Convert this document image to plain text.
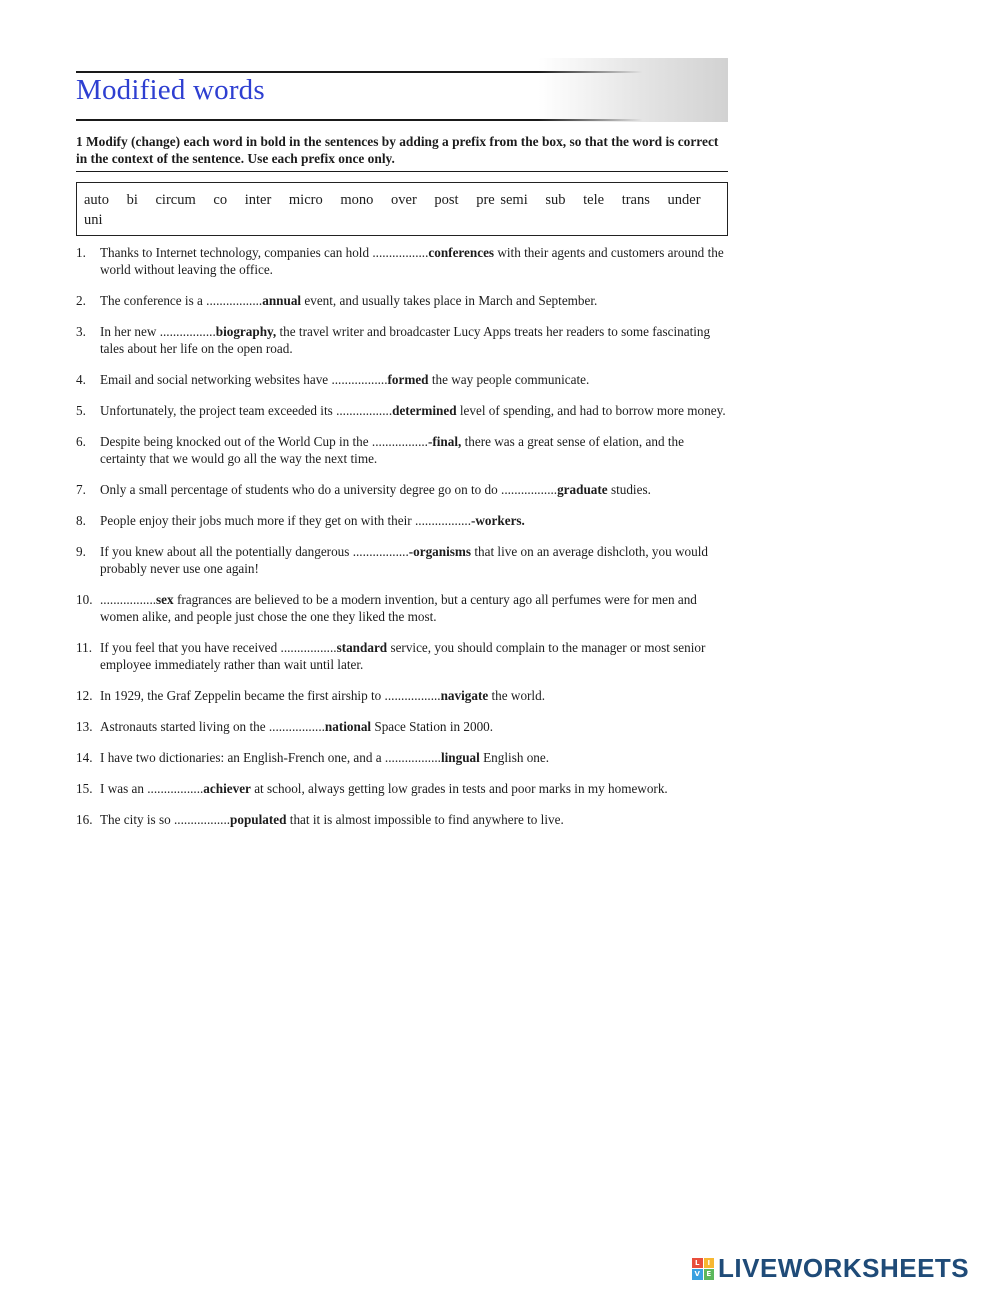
Modified words
1 Modify (change) each word in bold in the sentences by adding a prefix from the box, so that the word is correct in the context of the sentence. Use each prefix once only.
auto bi circum co inter micro mono over post pre semi sub tele trans under uni
1. Thanks to Internet technology, companies can hold .................conferences with their agents and customers around the world without leaving the office.
2. The conference is a .................annual event, and usually takes place in March and September.
3. In her new .................biography, the travel writer and broadcaster Lucy Apps treats her readers to some fascinating tales about her life on the open road.
4. Email and social networking websites have .................formed the way people communicate.
5. Unfortunately, the project team exceeded its .................determined level of spending, and had to borrow more money.
6. Despite being knocked out of the World Cup in the .................-final, there was a great sense of elation, and the certainty that we would go all the way the next time.
7. Only a small percentage of students who do a university degree go on to do .................graduate studies.
8. People enjoy their jobs much more if they get on with their .................-workers.
9. If you knew about all the potentially dangerous .................-organisms that live on an average dishcloth, you would probably never use one again!
10. .................sex fragrances are believed to be a modern invention, but a century ago all perfumes were for men and women alike, and people just chose the one they liked the most.
11. If you feel that you have received .................standard service, you should complain to the manager or most senior employee immediately rather than wait until later.
12. In 1929, the Graf Zeppelin became the first airship to .................navigate the world.
13. Astronauts started living on the .................national Space Station in 2000.
14. I have two dictionaries: an English-French one, and a .................lingual English one.
15. I was an .................achiever at school, always getting low grades in tests and poor marks in my homework.
16. The city is so .................populated that it is almost impossible to find anywhere to live.
L	I
V E LIVEWORKSHEETS
